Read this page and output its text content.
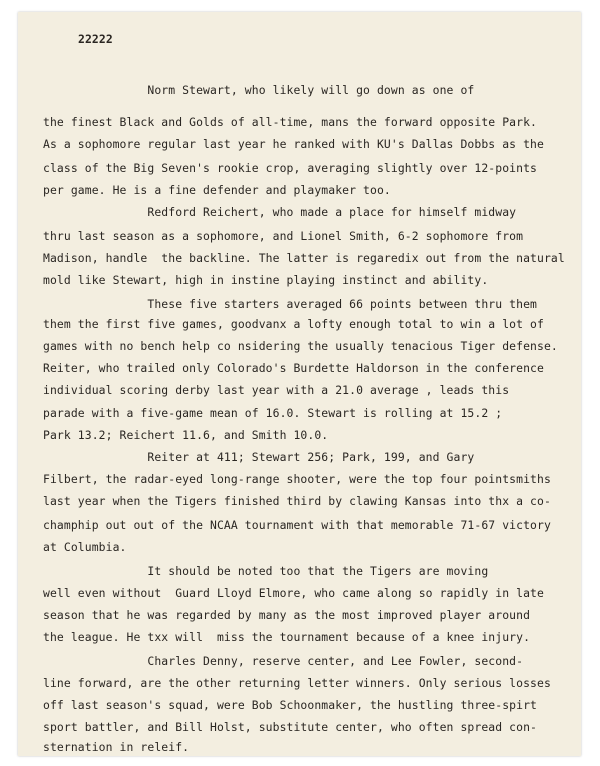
22222
Norm Stewart, who likely will go down as one of
the finest Black and Golds of all-time, mans the forward opposite Park.
As a sophomore regular last year he ranked with KU's Dallas Dobbs as the
class of the Big Seven's rookie crop, averaging slightly over 12-points
per game. He is a fine defender and playmaker too.
Redford Reichert, who made a place for himself midway
thru last season as a sophomore, and Lionel Smith, 6-2 sophomore from
Madison, handle  the backline. The latter is regaredix out from the natural
mold like Stewart, high in instine playing instinct and ability.
These five starters averaged 66 points between thru them
them the first five games, goodvanx a lofty enough total to win a lot of
games with no bench help co nsidering the usually tenacious Tiger defense.
Reiter, who trailed only Colorado's Burdette Haldorson in the conference
individual scoring derby last year with a 21.0 average , leads this
parade with a five-game mean of 16.0. Stewart is rolling at 15.2 ;
Park 13.2; Reichert 11.6, and Smith 10.0.
Reiter at 411; Stewart 256; Park, 199, and Gary
Filbert, the radar-eyed long-range shooter, were the top four pointsmiths
last year when the Tigers finished third by clawing Kansas into thx a co-
champhip out out of the NCAA tournament with that memorable 71-67 victory
at Columbia.
It should be noted too that the Tigers are moving
well even without  Guard Lloyd Elmore, who came along so rapidly in late
season that he was regarded by many as the most improved player around
the league. He txx will  miss the tournament because of a knee injury.
Charles Denny, reserve center, and Lee Fowler, second-
line forward, are the other returning letter winners. Only serious losses
off last season's squad, were Bob Schoonmaker, the hustling three-spirt
sport battler, and Bill Holst, substitute center, who often spread con-
sternation in releif.
